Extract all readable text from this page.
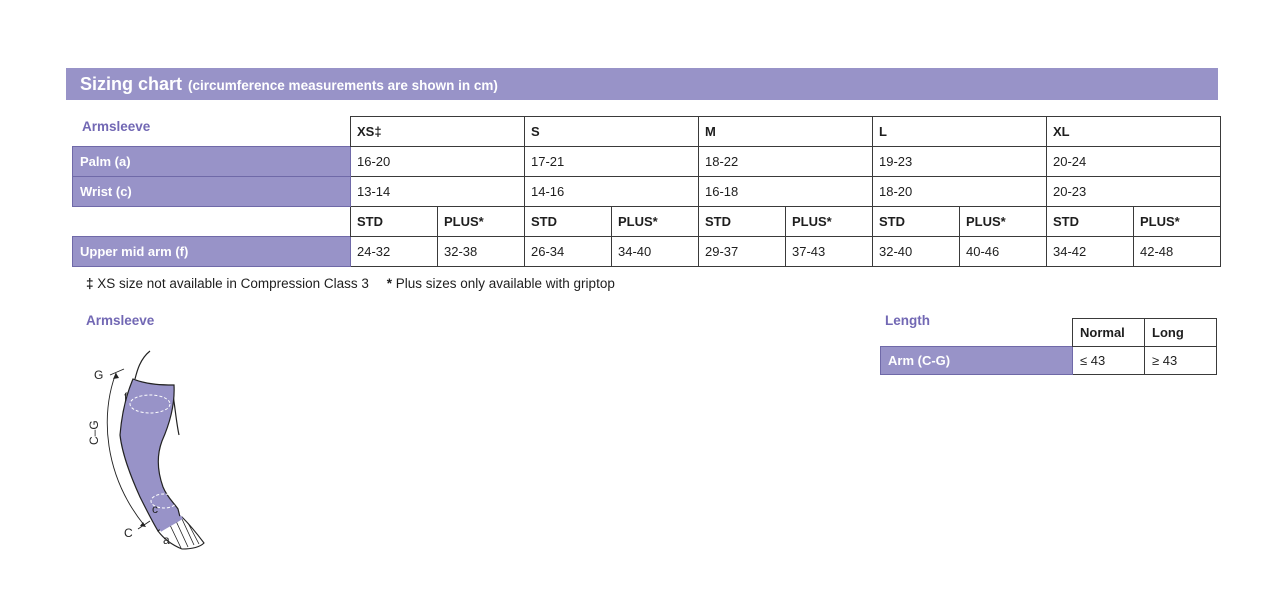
Sizing chart (circumference measurements are shown in cm)
Armsleeve
		XS‡		S		M		L		XL	
Palm (a)	16-20		17-21		18-22		19-23		20-24	
Wrist (c)	13-14		14-16		16-18		18-20		20-23	
	STD	PLUS*	STD	PLUS*	STD	PLUS*	STD	PLUS*	STD	PLUS*
Upper mid arm (f)	24-32	32-38	26-34	34-40	29-37	37-43	32-40	40-46	34-42	42-48
‡ XS size not available in Compression Class 3 * Plus sizes only available with griptop
Armsleeve	Length
	Normal	Long
Arm (C-G)	≤ 43	≥ 43
G
C–G
f
c
C	a
